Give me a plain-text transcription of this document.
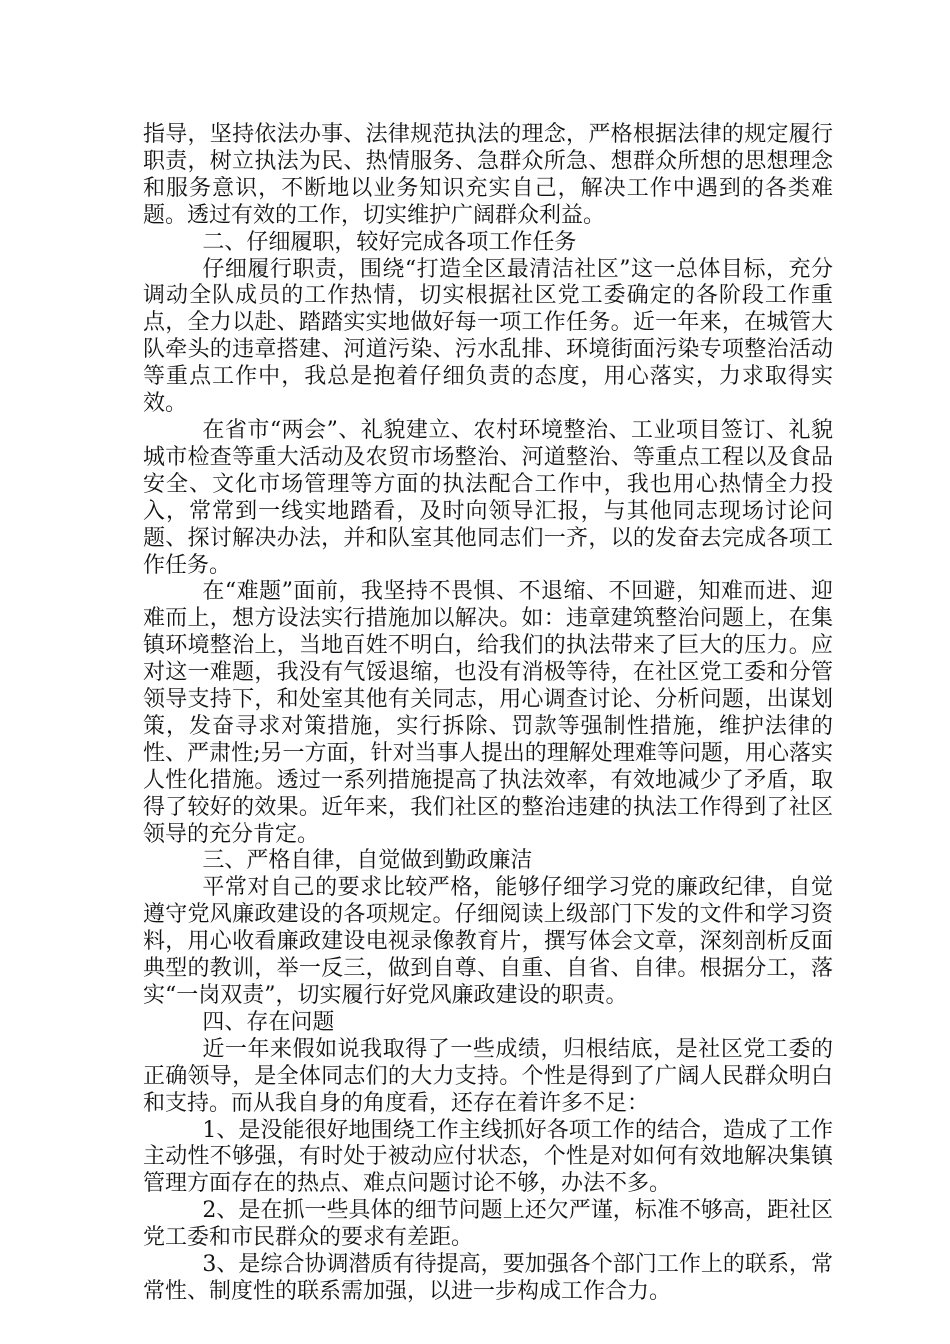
指导，坚持依法办事、法律规范执法的理念，严格根据法律的规定履行职责，树立执法为民、热情服务、急群众所急、想群众所想的思想理念和服务意识，不断地以业务知识充实自己，解决工作中遇到的各类难题。透过有效的工作，切实维护广阔群众利益。

二、仔细履职，较好完成各项工作任务

仔细履行职责，围绕“打造全区最清洁社区”这一总体目标，充分调动全队成员的工作热情，切实根据社区党工委确定的各阶段工作重点，全力以赴、踏踏实实地做好每一项工作任务。近一年来，在城管大队牵头的违章搭建、河道污染、污水乱排、环境街面污染专项整治活动等重点工作中，我总是抱着仔细负责的态度，用心落实，力求取得实效。

在省市“两会”、礼貌建立、农村环境整治、工业项目签订、礼貌城市检查等重大活动及农贸市场整治、河道整治、等重点工程以及食品安全、文化市场管理等方面的执法配合工作中，我也用心热情全力投入，常常到一线实地踏看，及时向领导汇报，与其他同志现场讨论问题、探讨解决办法，并和队室其他同志们一齐，以的发奋去完成各项工作任务。

在“难题”面前，我坚持不畏惧、不退缩、不回避，知难而进、迎难而上，想方设法实行措施加以解决。如：违章建筑整治问题上，在集镇环境整治上，当地百姓不明白，给我们的执法带来了巨大的压力。应对这一难题，我没有气馁退缩，也没有消极等待，在社区党工委和分管领导支持下，和处室其他有关同志，用心调查讨论、分析问题，出谋划策，发奋寻求对策措施，实行拆除、罚款等强制性措施，维护法律的性、严肃性;另一方面，针对当事人提出的理解处理难等问题，用心落实人性化措施。透过一系列措施提高了执法效率，有效地减少了矛盾，取得了较好的效果。近年来，我们社区的整治违建的执法工作得到了社区领导的充分肯定。

三、严格自律，自觉做到勤政廉洁

平常对自己的要求比较严格，能够仔细学习党的廉政纪律，自觉遵守党风廉政建设的各项规定。仔细阅读上级部门下发的文件和学习资料，用心收看廉政建设电视录像教育片，撰写体会文章，深刻剖析反面典型的教训，举一反三，做到自尊、自重、自省、自律。根据分工，落实“一岗双责”，切实履行好党风廉政建设的职责。

四、存在问题

近一年来假如说我取得了一些成绩，归根结底，是社区党工委的正确领导，是全体同志们的大力支持。个性是得到了广阔人民群众明白和支持。而从我自身的角度看，还存在着许多不足：

1、是没能很好地围绕工作主线抓好各项工作的结合，造成了工作主动性不够强，有时处于被动应付状态，个性是对如何有效地解决集镇管理方面存在的热点、难点问题讨论不够，办法不多。

2、是在抓一些具体的细节问题上还欠严谨，标准不够高，距社区党工委和市民群众的要求有差距。

3、是综合协调潜质有待提高，要加强各个部门工作上的联系，常常性、制度性的联系需加强，以进一步构成工作合力。
